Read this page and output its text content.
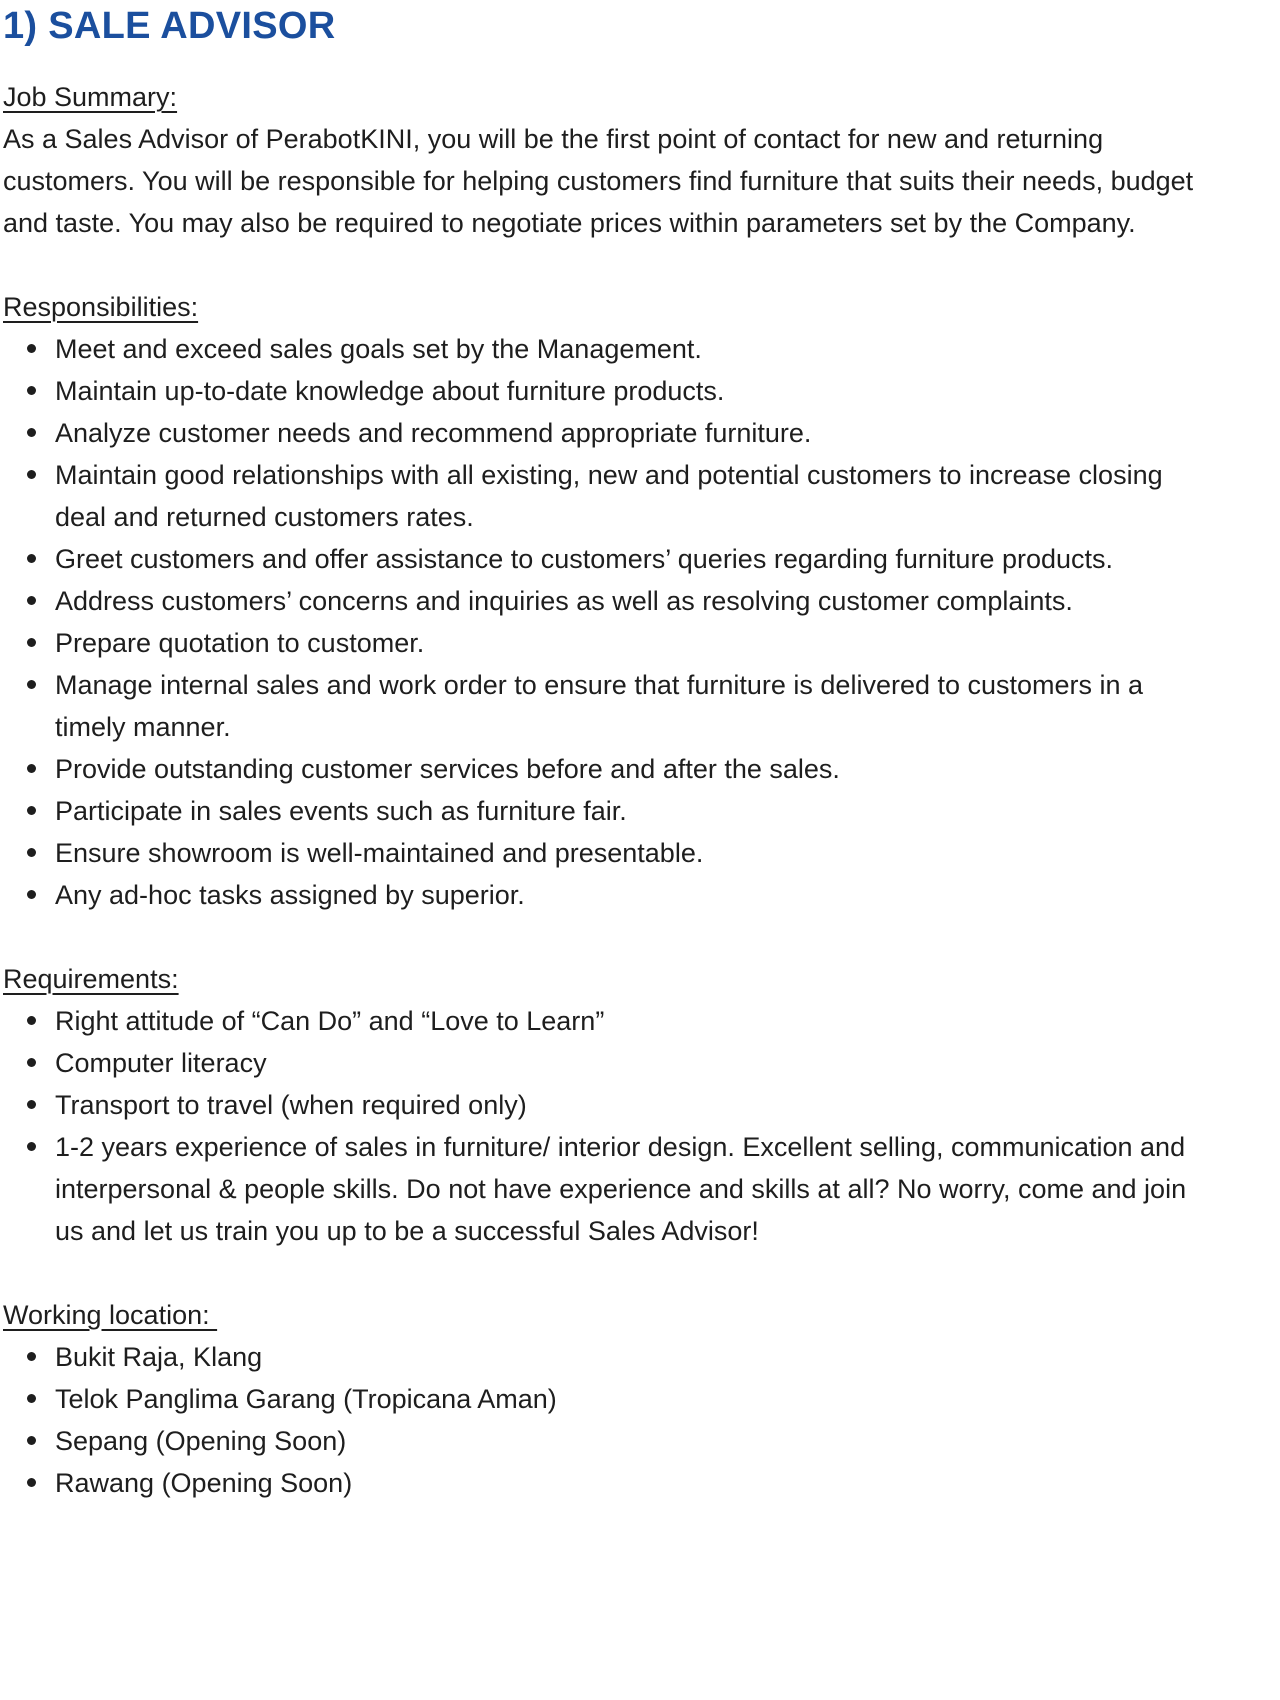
1) SALE ADVISOR
Job Summary:

As a Sales Advisor of PerabotKINI, you will be the first point of contact for new and returning customers. You will be responsible for helping customers find furniture that suits their needs, budget and taste. You may also be required to negotiate prices within parameters set by the Company.

Responsibilities:
Meet and exceed sales goals set by the Management.
Maintain up-to-date knowledge about furniture products.
Analyze customer needs and recommend appropriate furniture.
Maintain good relationships with all existing, new and potential customers to increase closing deal and returned customers rates.
Greet customers and offer assistance to customers’ queries regarding furniture products.
Address customers’ concerns and inquiries as well as resolving customer complaints.
Prepare quotation to customer.
Manage internal sales and work order to ensure that furniture is delivered to customers in a timely manner.
Provide outstanding customer services before and after the sales.
Participate in sales events such as furniture fair.
Ensure showroom is well-maintained and presentable.
Any ad-hoc tasks assigned by superior.
Requirements:
Right attitude of “Can Do” and “Love to Learn”
Computer literacy
Transport to travel (when required only)
1-2 years experience of sales in furniture/ interior design. Excellent selling, communication and interpersonal & people skills. Do not have experience and skills at all? No worry, come and join us and let us train you up to be a successful Sales Advisor!
Working location:
Bukit Raja, Klang
Telok Panglima Garang (Tropicana Aman)
Sepang (Opening Soon)
Rawang (Opening Soon)
